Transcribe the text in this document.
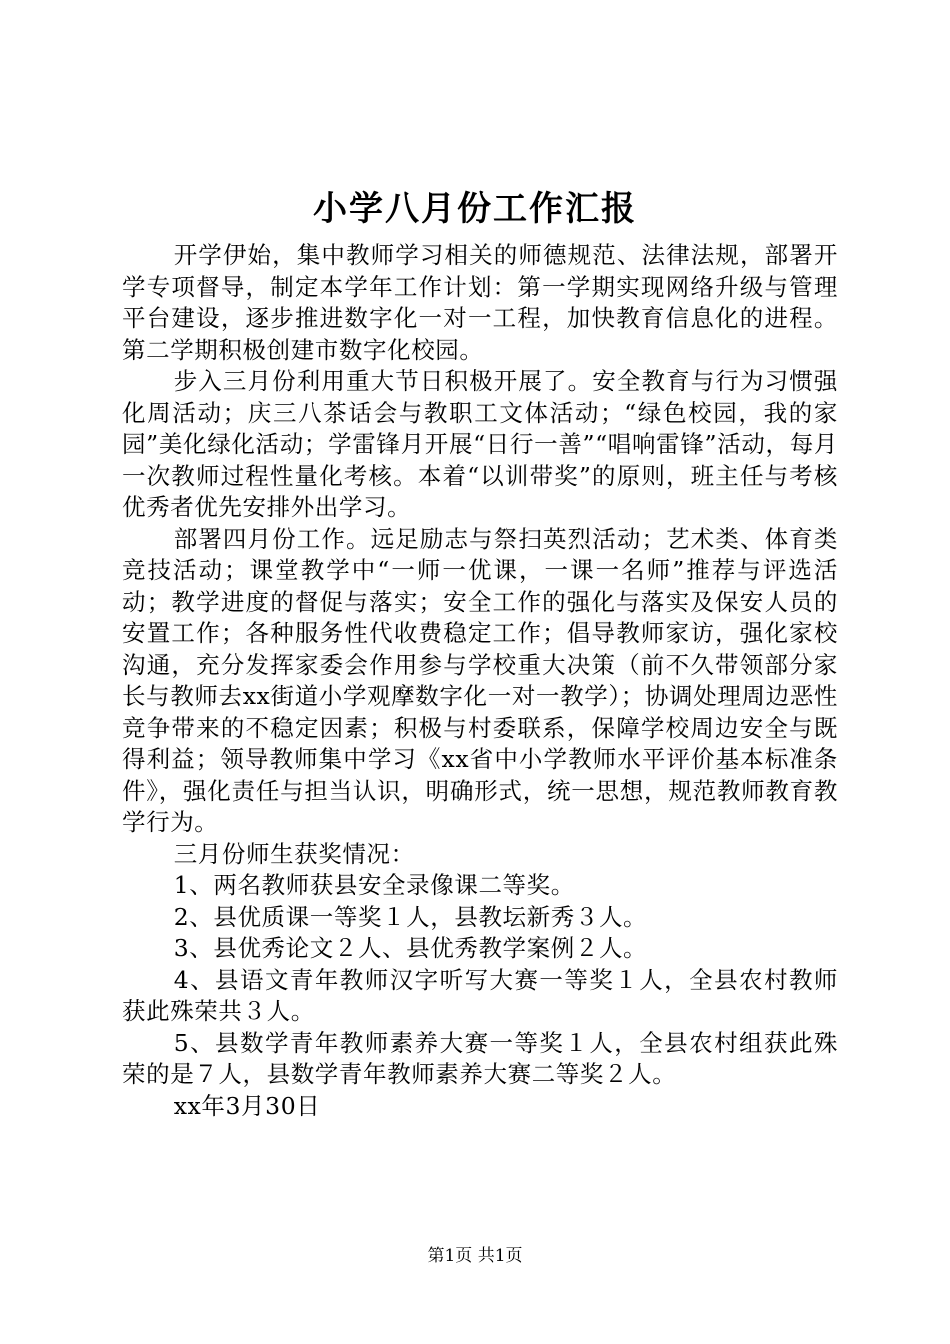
小学八月份工作汇报

开学伊始，集中教师学习相关的师德规范、法律法规，部署开学专项督导，制定本学年工作计划：第一学期实现网络升级与管理平台建设，逐步推进数字化一对一工程，加快教育信息化的进程。第二学期积极创建市数字化校园。

步入三月份利用重大节日积极开展了。安全教育与行为习惯强化周活动；庆三八茶话会与教职工文体活动；“绿色校园，我的家园”美化绿化活动；学雷锋月开展“日行一善”“唱响雷锋”活动，每月一次教师过程性量化考核。本着“以训带奖”的原则，班主任与考核优秀者优先安排外出学习。

部署四月份工作。远足励志与祭扫英烈活动；艺术类、体育类竞技活动；课堂教学中“一师一优课，一课一名师”推荐与评选活动；教学进度的督促与落实；安全工作的强化与落实及保安人员的安置工作；各种服务性代收费稳定工作；倡导教师家访，强化家校沟通，充分发挥家委会作用参与学校重大决策（前不久带领部分家长与教师去xx街道小学观摩数字化一对一教学）；协调处理周边恶性竞争带来的不稳定因素；积极与村委联系，保障学校周边安全与既得利益；领导教师集中学习《xx省中小学教师水平评价基本标准条件》，强化责任与担当认识，明确形式，统一思想，规范教师教育教学行为。

三月份师生获奖情况：

1、两名教师获县安全录像课二等奖。

2、县优质课一等奖１人，县教坛新秀３人。

3、县优秀论文２人、县优秀教学案例２人。

4、县语文青年教师汉字听写大赛一等奖１人，全县农村教师获此殊荣共３人。

5、县数学青年教师素养大赛一等奖１人，全县农村组获此殊荣的是７人，县数学青年教师素养大赛二等奖２人。

xx年3月30日

第1页 共1页
